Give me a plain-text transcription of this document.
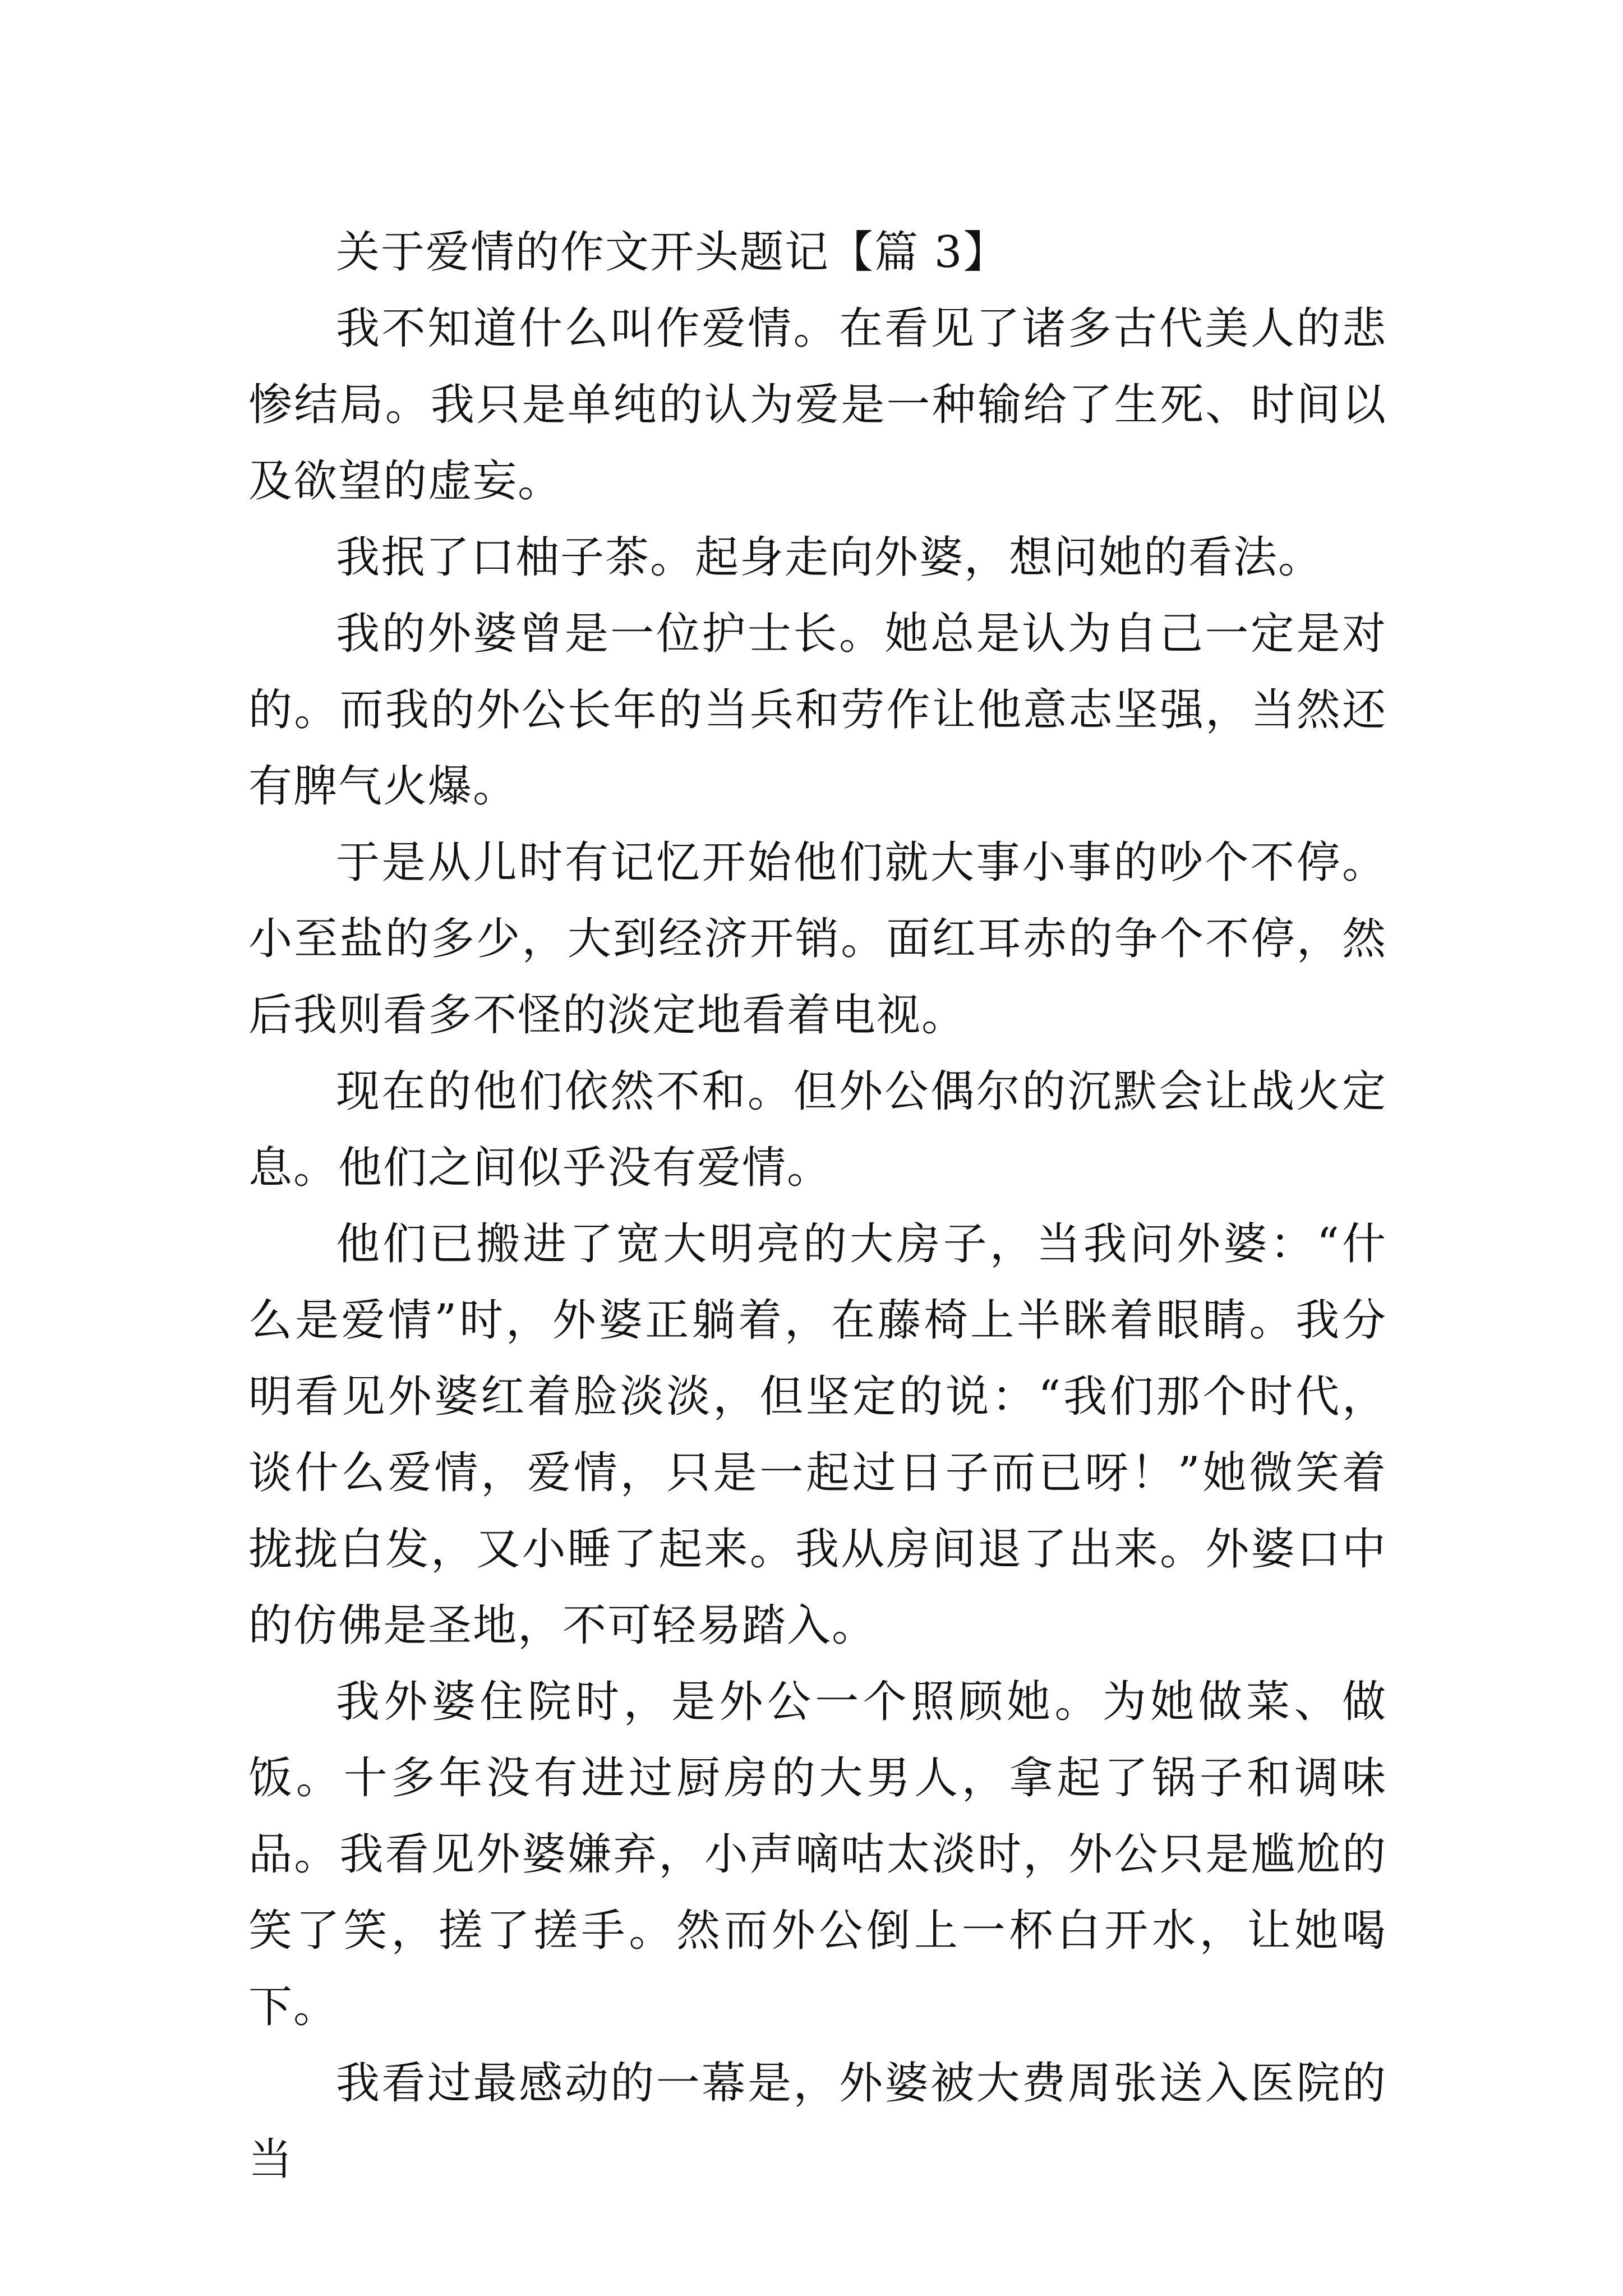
关于爱情的作文开头题记【篇 3】

我不知道什么叫作爱情。在看见了诸多古代美人的悲惨结局。我只是单纯的认为爱是一种输给了生死、时间以及欲望的虚妄。

我抿了口柚子茶。起身走向外婆，想问她的看法。

我的外婆曾是一位护士长。她总是认为自己一定是对的。而我的外公长年的当兵和劳作让他意志坚强，当然还有脾气火爆。

于是从儿时有记忆开始他们就大事小事的吵个不停。小至盐的多少，大到经济开销。面红耳赤的争个不停，然后我则看多不怪的淡定地看着电视。

现在的他们依然不和。但外公偶尔的沉默会让战火定息。他们之间似乎没有爱情。

他们已搬进了宽大明亮的大房子，当我问外婆：“什么是爱情”时，外婆正躺着，在藤椅上半眯着眼睛。我分明看见外婆红着脸淡淡，但坚定的说：“我们那个时代，谈什么爱情，爱情，只是一起过日子而已呀！”她微笑着拢拢白发，又小睡了起来。我从房间退了出来。外婆口中的仿佛是圣地，不可轻易踏入。

我外婆住院时，是外公一个照顾她。为她做菜、做饭。十多年没有进过厨房的大男人，拿起了锅子和调味品。我看见外婆嫌弃，小声嘀咕太淡时，外公只是尴尬的笑了笑，搓了搓手。然而外公倒上一杯白开水，让她喝下。

我看过最感动的一幕是，外婆被大费周张送入医院的当
